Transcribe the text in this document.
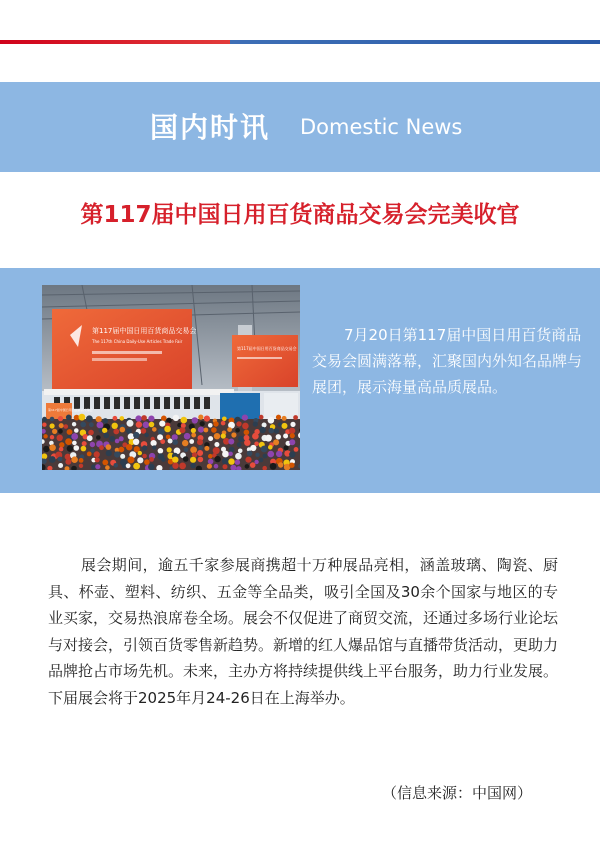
国内时讯 Domestic News
第117届中国日用百货商品交易会完美收官
第117届中国日用百货商品交易会
The 117th China Daily-Use Articles Trade Fair
第117届中国日用百货商品交易会
第117届中国日用百货商品交易会
7月20日第117届中国日用百货商品交易会圆满落幕，汇聚国内外知名品牌与展团，展示海量高品质展品。
展会期间，逾五千家参展商携超十万种展品亮相，涵盖玻璃、陶瓷、厨具、杯壶、塑料、纺织、五金等全品类，吸引全国及30余个国家与地区的专业买家，交易热浪席卷全场。展会不仅促进了商贸交流，还通过多场行业论坛与对接会，引领百货零售新趋势。新增的红人爆品馆与直播带货活动，更助力品牌抢占市场先机。未来，主办方将持续提供线上平台服务，助力行业发展。下届展会将于2025年月24-26日在上海举办。
（信息来源：中国网）
